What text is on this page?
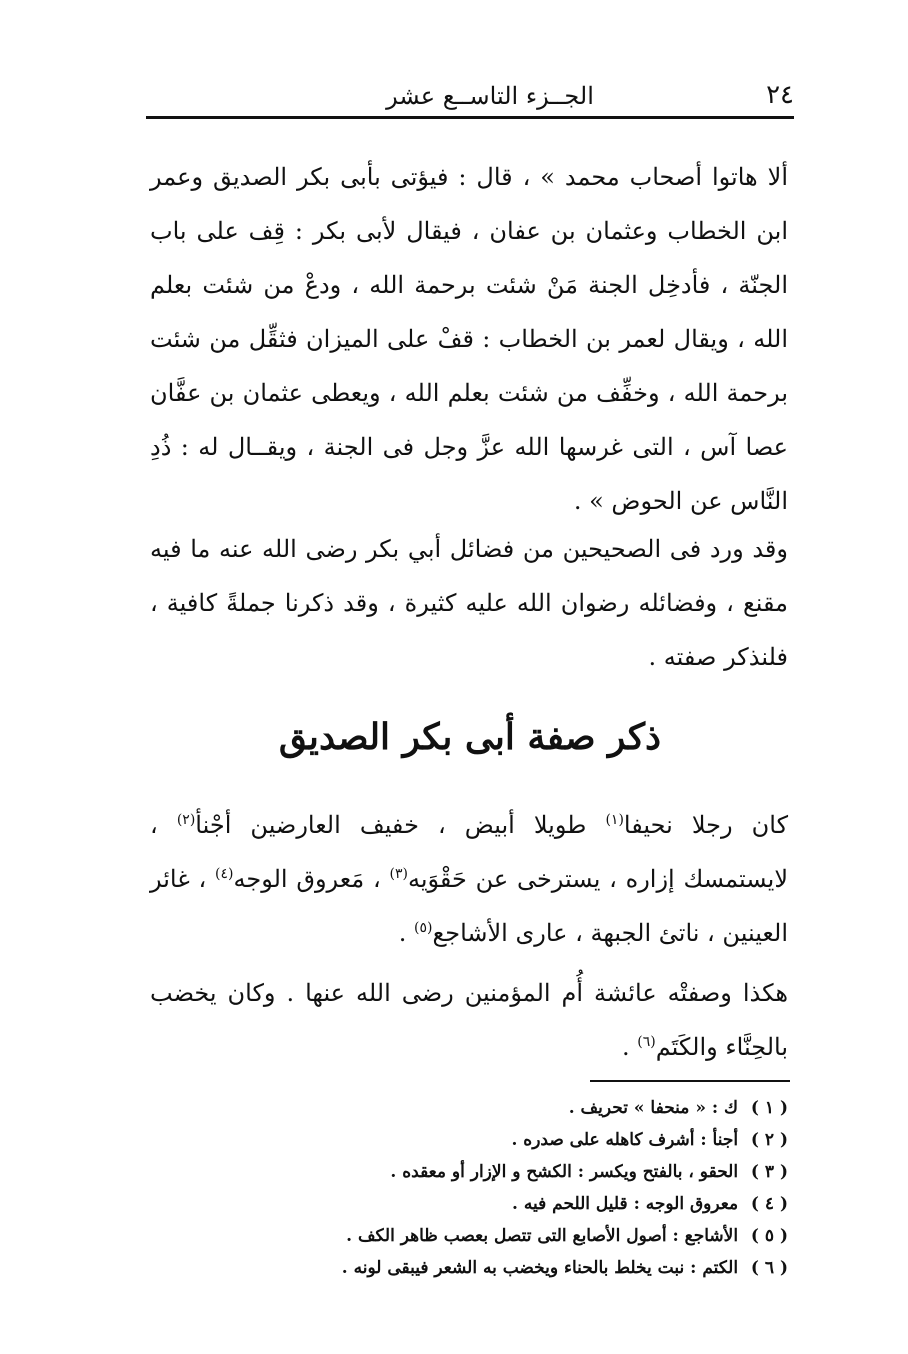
٢٤
الجــزء التاســع عشر

ألا هاتوا أصحاب محمد » ، قال : فيؤتى بأبى بكر الصديق وعمر ابن الخطاب وعثمان بن عفان ، فيقال لأبى بكر : قِف على باب الجنّة ، فأدخِل الجنة مَنْ شئت برحمة الله ، ودعْ من شئت بعلم الله ، ويقال لعمر بن الخطاب : قفْ على الميزان فثقِّل من شئت برحمة الله ، وخفِّف من شئت بعلم الله ، ويعطى عثمان بن عفَّان عصا آس ، التى غرسها الله عزَّ وجل فى الجنة ، ويقــال له : ذُدِ النَّاس عن الحوض » .

وقد ورد فى الصحيحين من فضائل أبي بكر رضى الله عنه ما فيه مقنع ، وفضائله رضوان الله عليه كثيرة ، وقد ذكرنا جملةً كافية ، فلنذكر صفته .

ذكر صفة أبى بكر الصديق

كان رجلا نحيفا$^{(١)}$ طويلا أبيض ، خفيف العارضين أجْنأ$^{(٢)}$ ، لايستمسك إزاره ، يسترخى عن حَقْوَيه$^{(٣)}$ ، مَعروق الوجه$^{(٤)}$ ، غائر العينين ، ناتئ الجبهة ، عارى الأشاجع$^{(٥)}$ .

هكذا وصفتْه عائشة أُم المؤمنين رضى الله عنها . وكان يخضب بالحِنَّاء والكَتَم$^{(٦)}$ .

( ١ ) ك : « منحفا » تحريف .
( ٢ ) أجنأ : أشرف كاهله على صدره .
( ٣ ) الحقو ، بالفتح ويكسر : الكشح و الإزار أو معقده .
( ٤ ) معروق الوجه : قليل اللحم فيه .
( ٥ ) الأشاجع : أصول الأصابع التى تتصل بعصب ظاهر الكف .
( ٦ ) الكتم : نبت يخلط بالحناء ويخضب به الشعر فيبقى لونه .
